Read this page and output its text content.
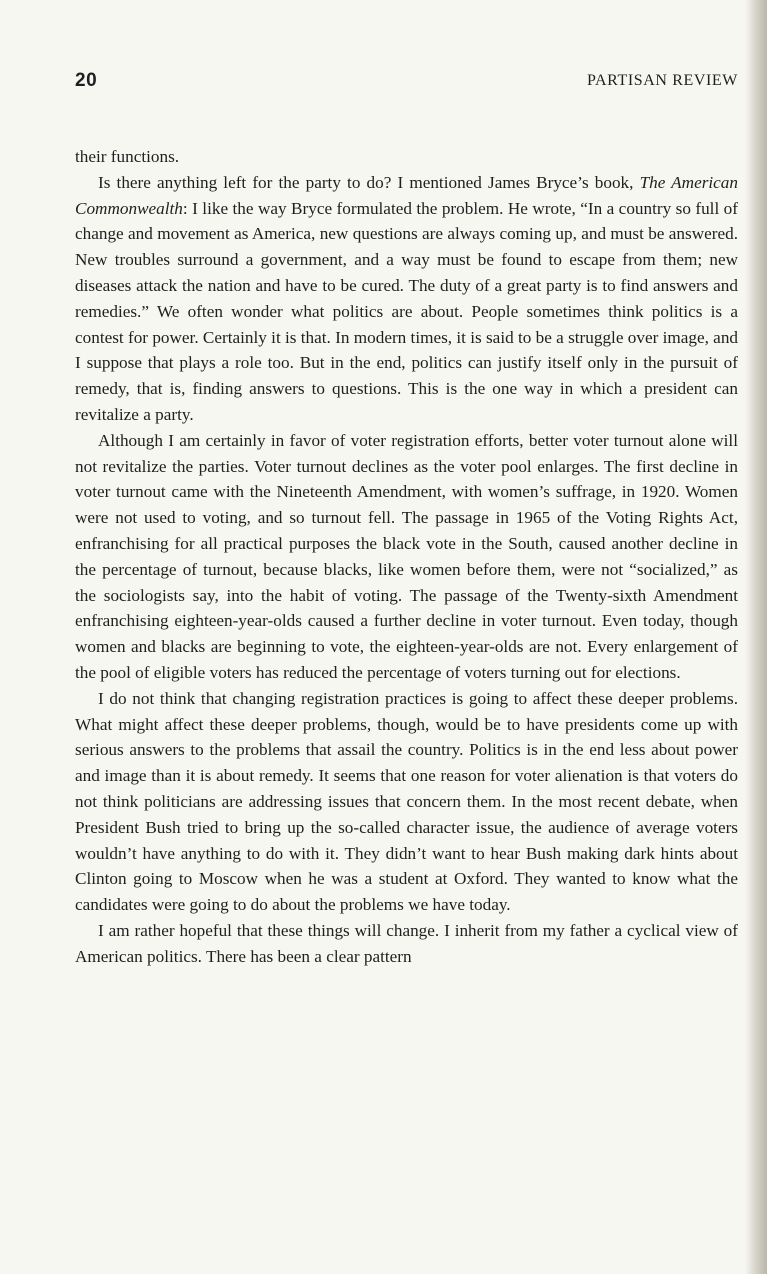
20	PARTISAN REVIEW

their functions.

Is there anything left for the party to do? I mentioned James Bryce’s book, The American Commonwealth: I like the way Bryce formulated the problem. He wrote, “In a country so full of change and movement as America, new questions are always coming up, and must be answered. New troubles surround a government, and a way must be found to escape from them; new diseases attack the nation and have to be cured. The duty of a great party is to find answers and remedies.” We often wonder what politics are about. People sometimes think politics is a contest for power. Certainly it is that. In modern times, it is said to be a struggle over image, and I suppose that plays a role too. But in the end, politics can justify itself only in the pursuit of remedy, that is, finding answers to questions. This is the one way in which a president can revitalize a party.

Although I am certainly in favor of voter registration efforts, better voter turnout alone will not revitalize the parties. Voter turnout declines as the voter pool enlarges. The first decline in voter turnout came with the Nineteenth Amendment, with women’s suffrage, in 1920. Women were not used to voting, and so turnout fell. The passage in 1965 of the Voting Rights Act, enfranchising for all practical purposes the black vote in the South, caused another decline in the percentage of turnout, because blacks, like women before them, were not “socialized,” as the sociologists say, into the habit of voting. The passage of the Twenty-sixth Amendment enfranchising eighteen-year-olds caused a further decline in voter turnout. Even today, though women and blacks are beginning to vote, the eighteen-year-olds are not. Every enlargement of the pool of eligible voters has reduced the percentage of voters turning out for elections.

I do not think that changing registration practices is going to affect these deeper problems. What might affect these deeper problems, though, would be to have presidents come up with serious answers to the problems that assail the country. Politics is in the end less about power and image than it is about remedy. It seems that one reason for voter alienation is that voters do not think politicians are addressing issues that concern them. In the most recent debate, when President Bush tried to bring up the so-called character issue, the audience of average voters wouldn’t have anything to do with it. They didn’t want to hear Bush making dark hints about Clinton going to Moscow when he was a student at Oxford. They wanted to know what the candidates were going to do about the problems we have today.

I am rather hopeful that these things will change. I inherit from my father a cyclical view of American politics. There has been a clear pattern
